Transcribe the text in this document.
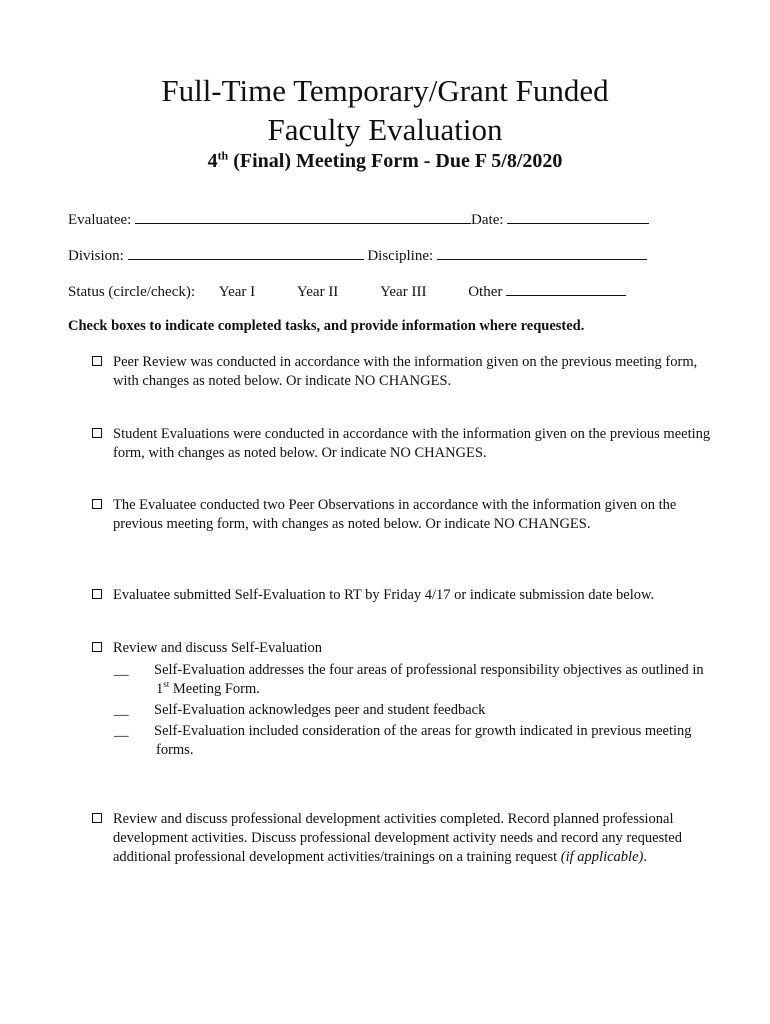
Full-Time Temporary/Grant Funded
Faculty Evaluation
4th (Final) Meeting Form - Due F 5/8/2020
Evaluatee:	Date:
Division:	Discipline:
Status (circle/check): Year I	Year II	Year III	Other
Check boxes to indicate completed tasks, and provide information where requested.
Peer Review was conducted in accordance with the information given on the previous meeting form, with changes as noted below. Or indicate NO CHANGES.
Student Evaluations were conducted in accordance with the information given on the previous meeting form, with changes as noted below. Or indicate NO CHANGES.
The Evaluatee conducted two Peer Observations in accordance with the information given on the previous meeting form, with changes as noted below. Or indicate NO CHANGES.
Evaluatee submitted Self-Evaluation to RT by Friday 4/17 or indicate submission date below.
Review and discuss Self-Evaluation
__ Self-Evaluation addresses the four areas of professional responsibility objectives as outlined in 1st Meeting Form.
__ Self-Evaluation acknowledges peer and student feedback
__ Self-Evaluation included consideration of the areas for growth indicated in previous meeting forms.
Review and discuss professional development activities completed. Record planned professional development activities. Discuss professional development activity needs and record any requested additional professional development activities/trainings on a training request (if applicable).
